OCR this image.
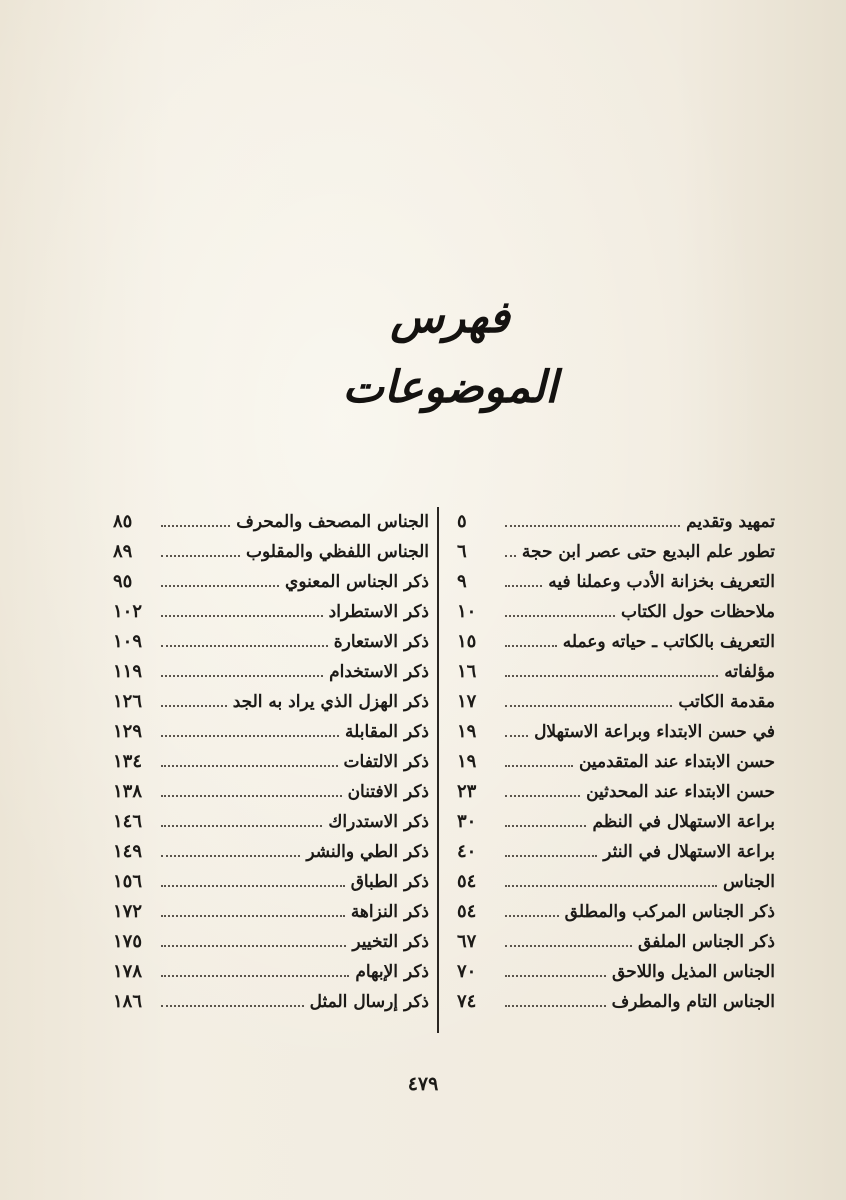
فهرس الموضوعات
تمهيد وتقديم
٥
تطور علم البديع حتى عصر ابن حجة
٦
التعريف بخزانة الأدب وعملنا فيه
٩
ملاحظات حول الكتاب
١٠
التعريف بالكاتب ـ حياته وعمله
١٥
مؤلفاته
١٦
مقدمة الكاتب
١٧
في حسن الابتداء وبراعة الاستهلال
١٩
حسن الابتداء عند المتقدمين
١٩
حسن الابتداء عند المحدثين
٢٣
براعة الاستهلال في النظم
٣٠
براعة الاستهلال في النثر
٤٠
الجناس
٥٤
ذكر الجناس المركب والمطلق
٥٤
ذكر الجناس الملفق
٦٧
الجناس المذيل واللاحق
٧٠
الجناس التام والمطرف
٧٤
الجناس المصحف والمحرف
٨٥
الجناس اللفظي والمقلوب
٨٩
ذكر الجناس المعنوي
٩٥
ذكر الاستطراد
١٠٢
ذكر الاستعارة
١٠٩
ذكر الاستخدام
١١٩
ذكر الهزل الذي يراد به الجد
١٢٦
ذكر المقابلة
١٢٩
ذكر الالتفات
١٣٤
ذكر الافتنان
١٣٨
ذكر الاستدراك
١٤٦
ذكر الطي والنشر
١٤٩
ذكر الطباق
١٥٦
ذكر النزاهة
١٧٢
ذكر التخيير
١٧٥
ذكر الإبهام
١٧٨
ذكر إرسال المثل
١٨٦
٤٧٩
